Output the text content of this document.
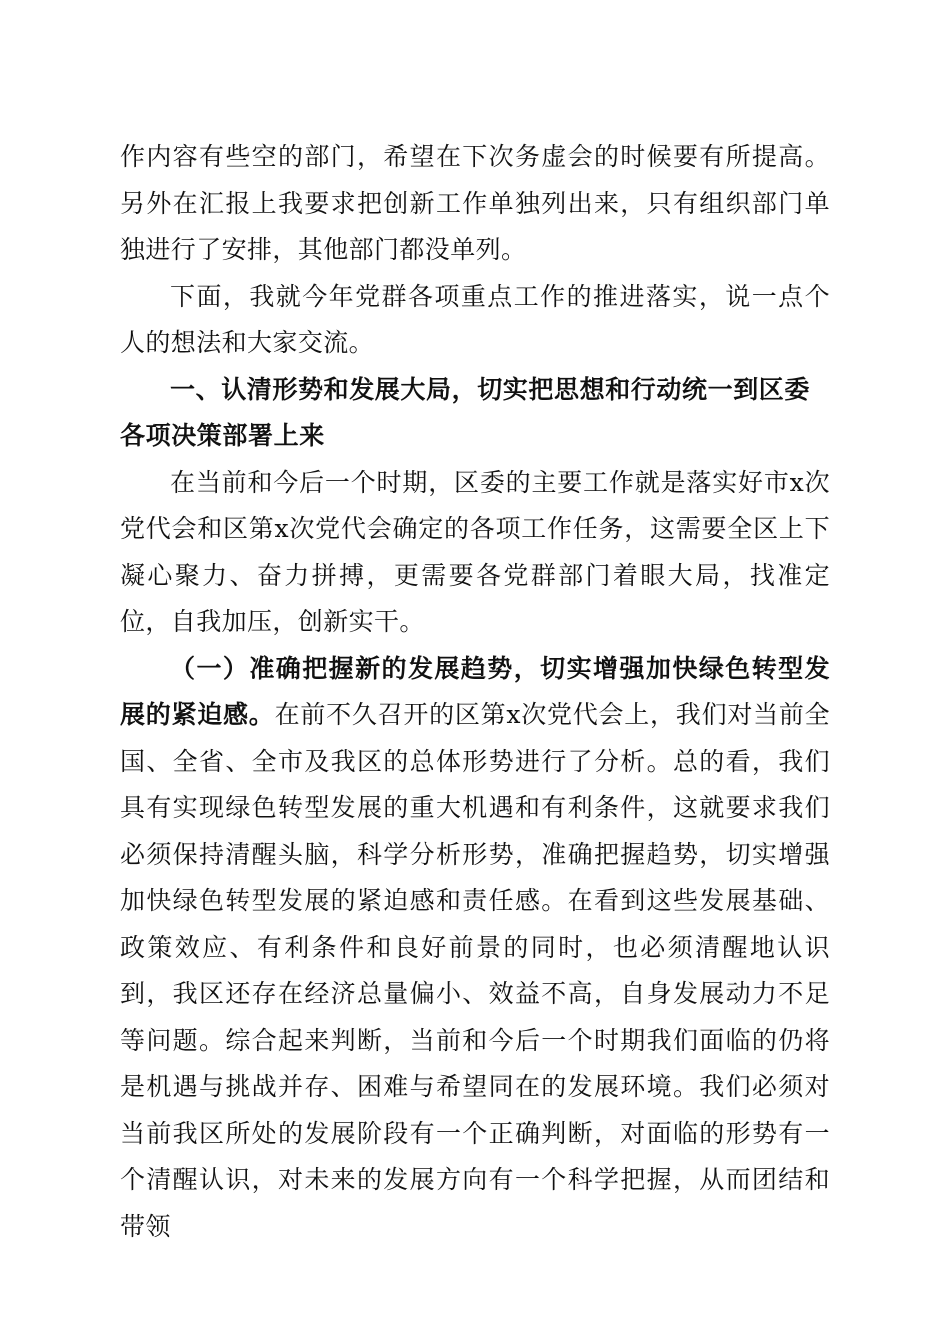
作内容有些空的部门，希望在下次务虚会的时候要有所提高。另外在汇报上我要求把创新工作单独列出来，只有组织部门单独进行了安排，其他部门都没单列。

下面，我就今年党群各项重点工作的推进落实，说一点个人的想法和大家交流。

一、认清形势和发展大局，切实把思想和行动统一到区委各项决策部署上来

在当前和今后一个时期，区委的主要工作就是落实好市x次党代会和区第x次党代会确定的各项工作任务，这需要全区上下凝心聚力、奋力拼搏，更需要各党群部门着眼大局，找准定位，自我加压，创新实干。

（一）准确把握新的发展趋势，切实增强加快绿色转型发展的紧迫感。在前不久召开的区第x次党代会上，我们对当前全国、全省、全市及我区的总体形势进行了分析。总的看，我们具有实现绿色转型发展的重大机遇和有利条件，这就要求我们必须保持清醒头脑，科学分析形势，准确把握趋势，切实增强加快绿色转型发展的紧迫感和责任感。在看到这些发展基础、政策效应、有利条件和良好前景的同时，也必须清醒地认识到，我区还存在经济总量偏小、效益不高，自身发展动力不足等问题。综合起来判断，当前和今后一个时期我们面临的仍将是机遇与挑战并存、困难与希望同在的发展环境。我们必须对当前我区所处的发展阶段有一个正确判断，对面临的形势有一个清醒认识，对未来的发展方向有一个科学把握，从而团结和带领
